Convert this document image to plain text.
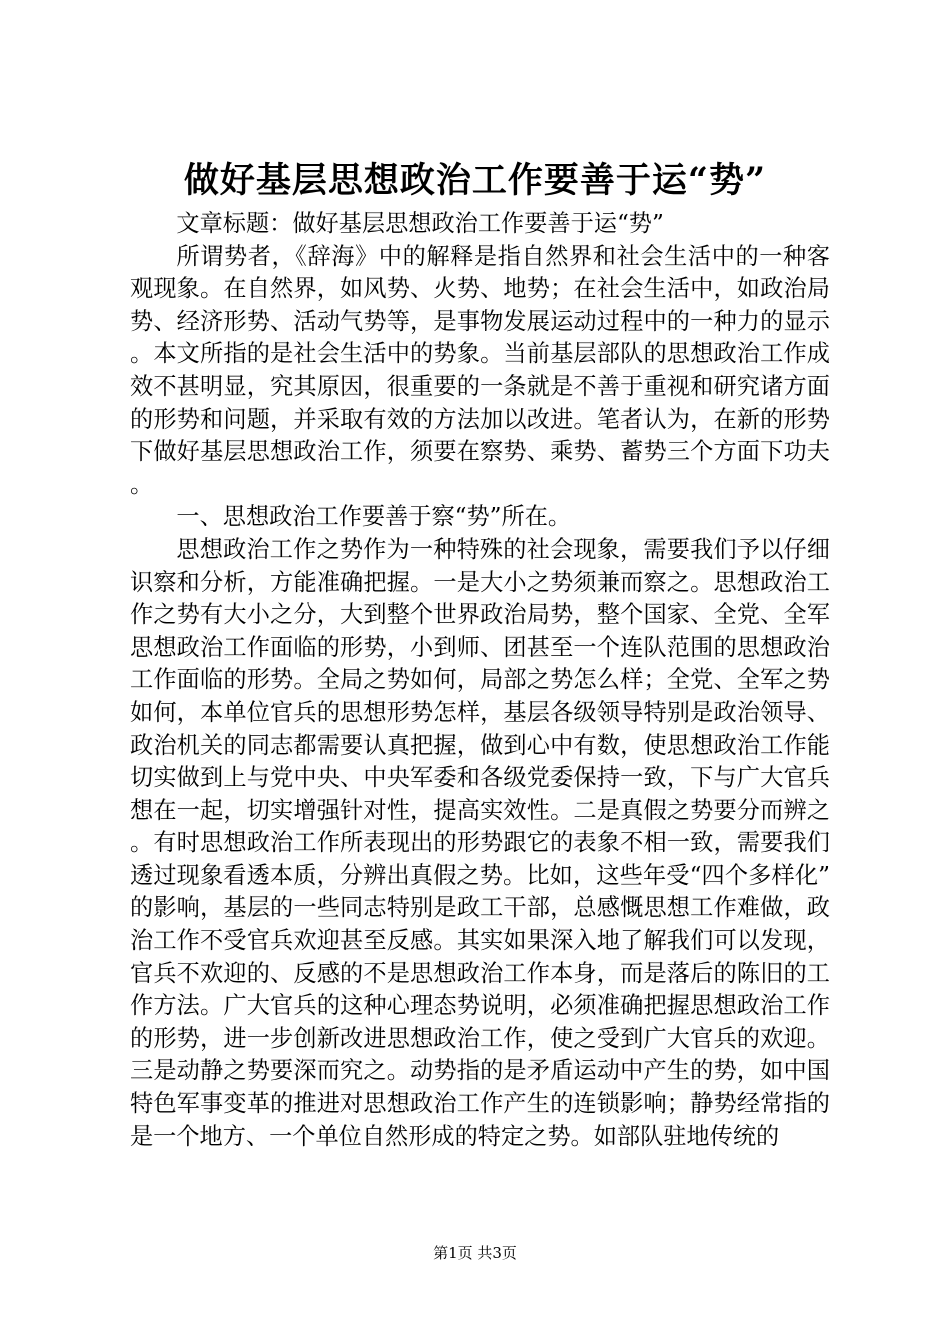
做好基层思想政治工作要善于运“势”

文章标题：做好基层思想政治工作要善于运“势”

所谓势者，《辞海》中的解释是指自然界和社会生活中的一种客观现象。在自然界，如风势、火势、地势；在社会生活中，如政治局势、经济形势、活动气势等，是事物发展运动过程中的一种力的显示。本文所指的是社会生活中的势象。当前基层部队的思想政治工作成效不甚明显，究其原因，很重要的一条就是不善于重视和研究诸方面的形势和问题，并采取有效的方法加以改进。笔者认为，在新的形势下做好基层思想政治工作，须要在察势、乘势、蓄势三个方面下功夫。

一、思想政治工作要善于察“势”所在。

思想政治工作之势作为一种特殊的社会现象，需要我们予以仔细识察和分析，方能准确把握。一是大小之势须兼而察之。思想政治工作之势有大小之分，大到整个世界政治局势，整个国家、全党、全军思想政治工作面临的形势，小到师、团甚至一个连队范围的思想政治工作面临的形势。全局之势如何，局部之势怎么样；全党、全军之势如何，本单位官兵的思想形势怎样，基层各级领导特别是政治领导、政治机关的同志都需要认真把握，做到心中有数，使思想政治工作能切实做到上与党中央、中央军委和各级党委保持一致，下与广大官兵想在一起，切实增强针对性，提高实效性。二是真假之势要分而辨之。有时思想政治工作所表现出的形势跟它的表象不相一致，需要我们透过现象看透本质，分辨出真假之势。比如，这些年受“四个多样化”的影响，基层的一些同志特别是政工干部，总感慨思想工作难做，政治工作不受官兵欢迎甚至反感。其实如果深入地了解我们可以发现，官兵不欢迎的、反感的不是思想政治工作本身，而是落后的陈旧的工作方法。广大官兵的这种心理态势说明，必须准确把握思想政治工作的形势，进一步创新改进思想政治工作，使之受到广大官兵的欢迎。三是动静之势要深而究之。动势指的是矛盾运动中产生的势，如中国特色军事变革的推进对思想政治工作产生的连锁影响；静势经常指的是一个地方、一个单位自然形成的特定之势。如部队驻地传统的

第1页 共3页
